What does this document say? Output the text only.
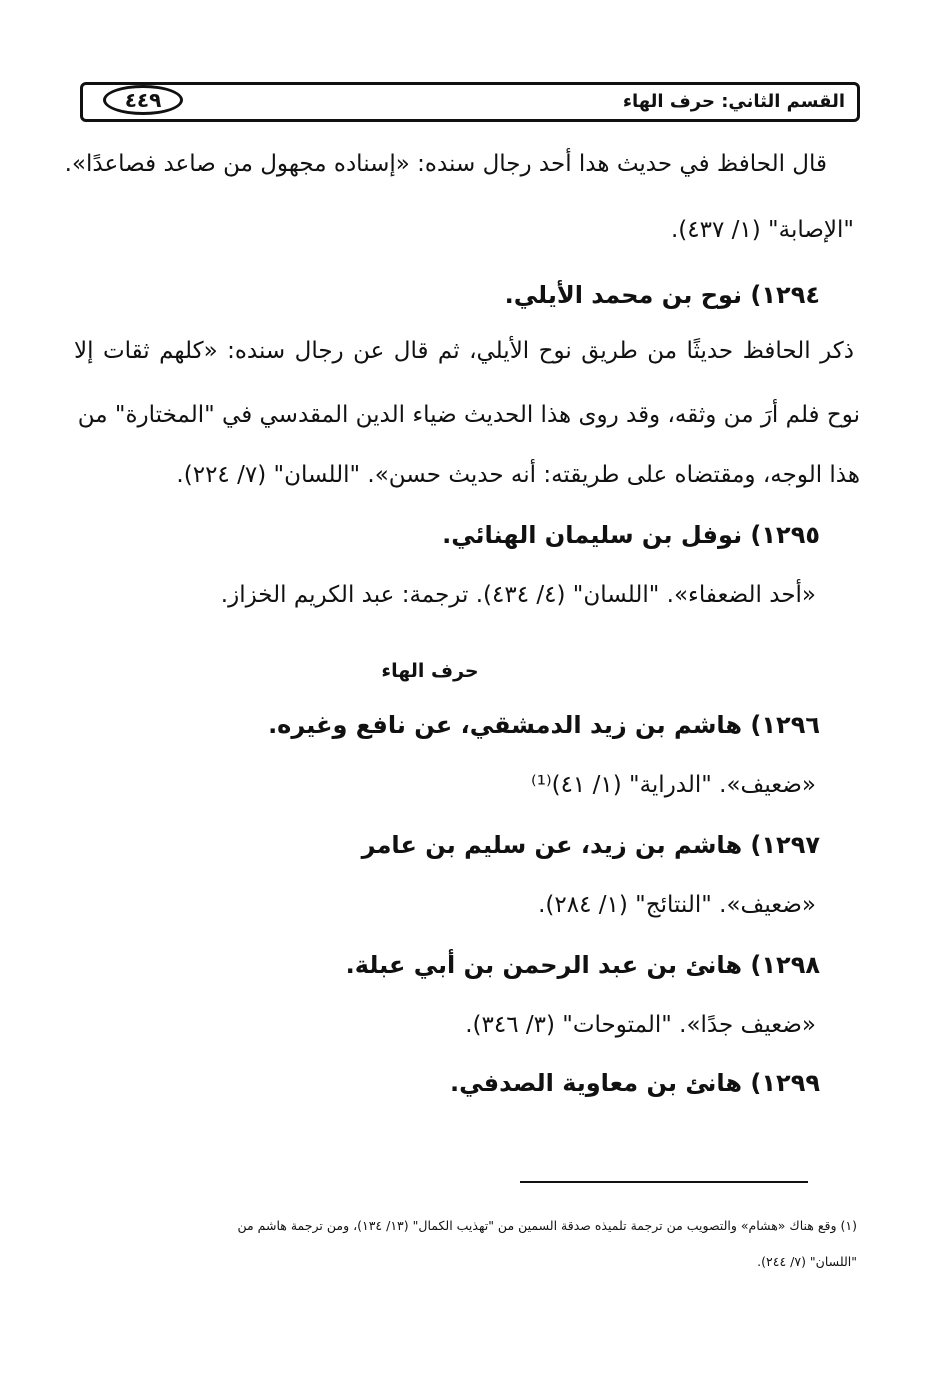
القسم الثاني: حرف الهاء
٤٤٩
قال الحافظ في حديث هدا أحد رجال سنده: «إسناده مجهول من صاعد فصاعدًا».
"الإصابة" (١/ ٤٣٧).
١٢٩٤) نوح بن محمد الأيلي.
ذكر الحافظ حديثًا من طريق نوح الأيلي، ثم قال عن رجال سنده: «كلهم ثقات إلا
نوح فلم أرَ من وثقه، وقد روى هذا الحديث ضياء الدين المقدسي في "المختارة" من
هذا الوجه، ومقتضاه على طريقته: أنه حديث حسن». "اللسان" (٧/ ٢٢٤).
١٢٩٥) نوفل بن سليمان الهنائي.
«أحد الضعفاء». "اللسان" (٤/ ٤٣٤). ترجمة: عبد الكريم الخزاز.
حرف الهاء
١٢٩٦) هاشم بن زيد الدمشقي، عن نافع وغيره.
«ضعيف». "الدراية" (١/ ٤١)⁽¹⁾
١٢٩٧) هاشم بن زيد، عن سليم بن عامر
«ضعيف». "النتائج" (١/ ٢٨٤).
١٢٩٨) هانئ بن عبد الرحمن بن أبي عبلة.
«ضعيف جدًا». "المتوحات" (٣/ ٣٤٦).
١٢٩٩) هانئ بن معاوية الصدفي.
(١) وقع هناك «هشام» والتصويب من ترجمة تلميذه صدقة السمين من "تهذيب الكمال" (١٣/ ١٣٤)، ومن ترجمة هاشم من
"اللسان" (٧/ ٢٤٤).
